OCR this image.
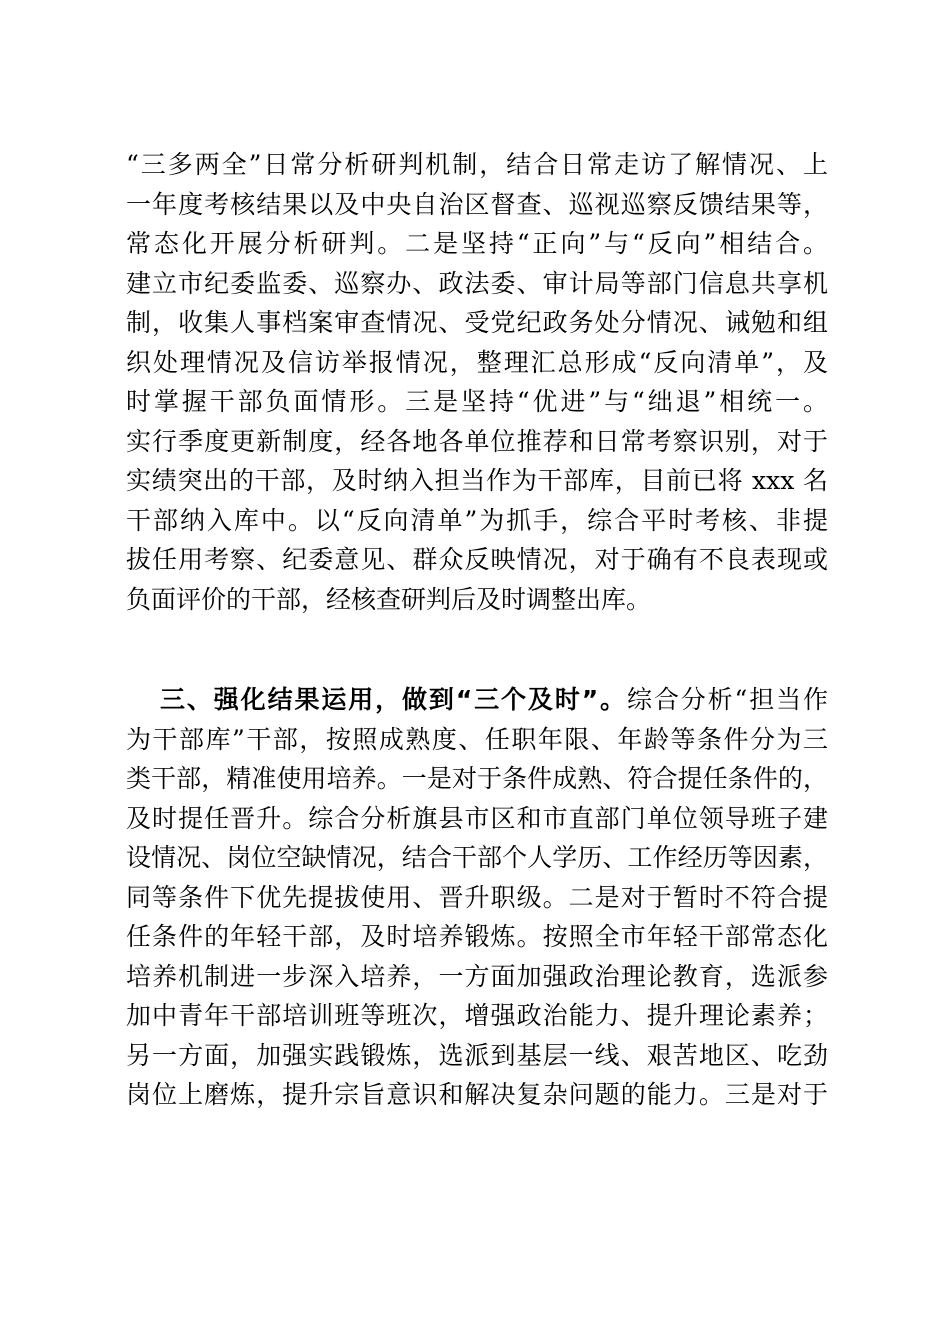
“三多两全”日常分析研判机制，结合日常走访了解情况、上
一年度考核结果以及中央自治区督查、巡视巡察反馈结果等，
常态化开展分析研判。二是坚持“正向”与“反向”相结合。
建立市纪委监委、巡察办、政法委、审计局等部门信息共享机
制，收集人事档案审查情况、受党纪政务处分情况、诫勉和组
织处理情况及信访举报情况，整理汇总形成“反向清单”，及
时掌握干部负面情形。三是坚持“优进”与“绌退”相统一。
实行季度更新制度，经各地各单位推荐和日常考察识别，对于
实绩突出的干部，及时纳入担当作为干部库，目前已将 xxx 名
干部纳入库中。以“反向清单”为抓手，综合平时考核、非提
拔任用考察、纪委意见、群众反映情况，对于确有不良表现或
负面评价的干部，经核查研判后及时调整出库。
三、强化结果运用，做到“三个及时”。综合分析“担当作
为干部库”干部，按照成熟度、任职年限、年龄等条件分为三
类干部，精准使用培养。一是对于条件成熟、符合提任条件的，
及时提任晋升。综合分析旗县市区和市直部门单位领导班子建
设情况、岗位空缺情况，结合干部个人学历、工作经历等因素，
同等条件下优先提拔使用、晋升职级。二是对于暂时不符合提
任条件的年轻干部，及时培养锻炼。按照全市年轻干部常态化
培养机制进一步深入培养，一方面加强政治理论教育，选派参
加中青年干部培训班等班次，增强政治能力、提升理论素养；
另一方面，加强实践锻炼，选派到基层一线、艰苦地区、吃劲
岗位上磨炼，提升宗旨意识和解决复杂问题的能力。三是对于
